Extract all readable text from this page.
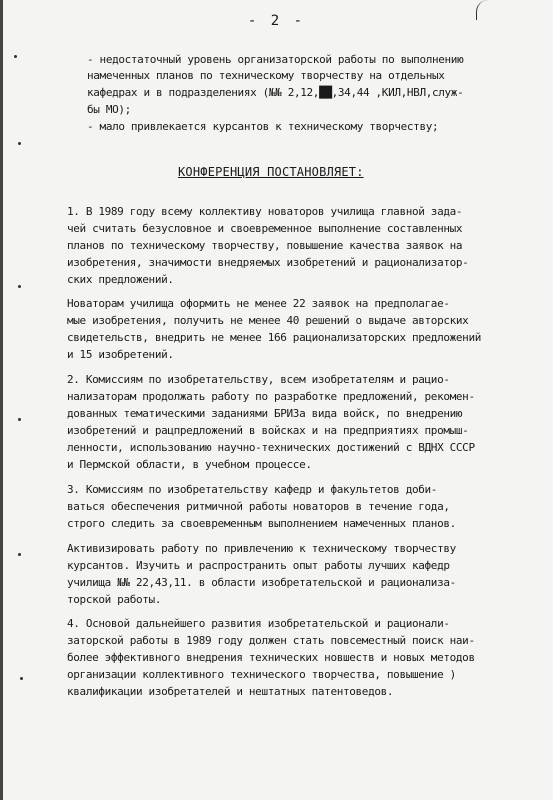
- 2 -
- недостаточный уровень организаторской работы по выполнению
намеченных планов по техническому творчеству на отдельных
кафедрах и в подразделениях (№№ 2,12,██,34,44 ,КИЛ,НВЛ,служ-
бы МО);
- мало привлекается курсантов к техническому творчеству;
КОНФЕРЕНЦИЯ ПОСТАНОВЛЯЕТ:
1. В 1989 году всему коллективу новаторов училища главной зада-
чей считать безусловное и своевременное выполнение составленных
планов по техническому творчеству, повышение качества заявок на
изобретения, значимости внедряемых изобретений и рационализатор-
ских предложений.
Новаторам училища оформить не менее 22 заявок на предполагае-
мые изобретения, получить не менее 40 решений о выдаче авторских
свидетельств, внедрить не менее 166 рационализаторских предложений
и 15 изобретений.
2. Комиссиям по изобретательству, всем изобретателям и рацио-
нализаторам продолжать работу по разработке предложений, рекомен-
дованных тематическими заданиями БРИЗа вида войск, по внедрению
изобретений и рацпредложений в войсках и на предприятиях промыш-
ленности, использованию научно-технических достижений с ВДНХ СССР
и Пермской области, в учебном процессе.
3. Комиссиям по изобретательству кафедр и факультетов доби-
ваться обеспечения ритмичной работы новаторов в течение года,
строго следить за своевременным выполнением намеченных планов.
Активизировать работу по привлечению к техническому творчеству
курсантов. Изучить и распространить опыт работы лучших кафедр
училища №№ 22,43,11. в области изобретательской и рационализа-
торской работы.
4. Основой дальнейшего развития изобретательской и рационали-
заторской работы в 1989 году должен стать повсеместный поиск наи-
более эффективного внедрения технических новшеств и новых методов
организации коллективного технического творчества, повышение )
квалификации изобретателей и нештатных патентоведов.
